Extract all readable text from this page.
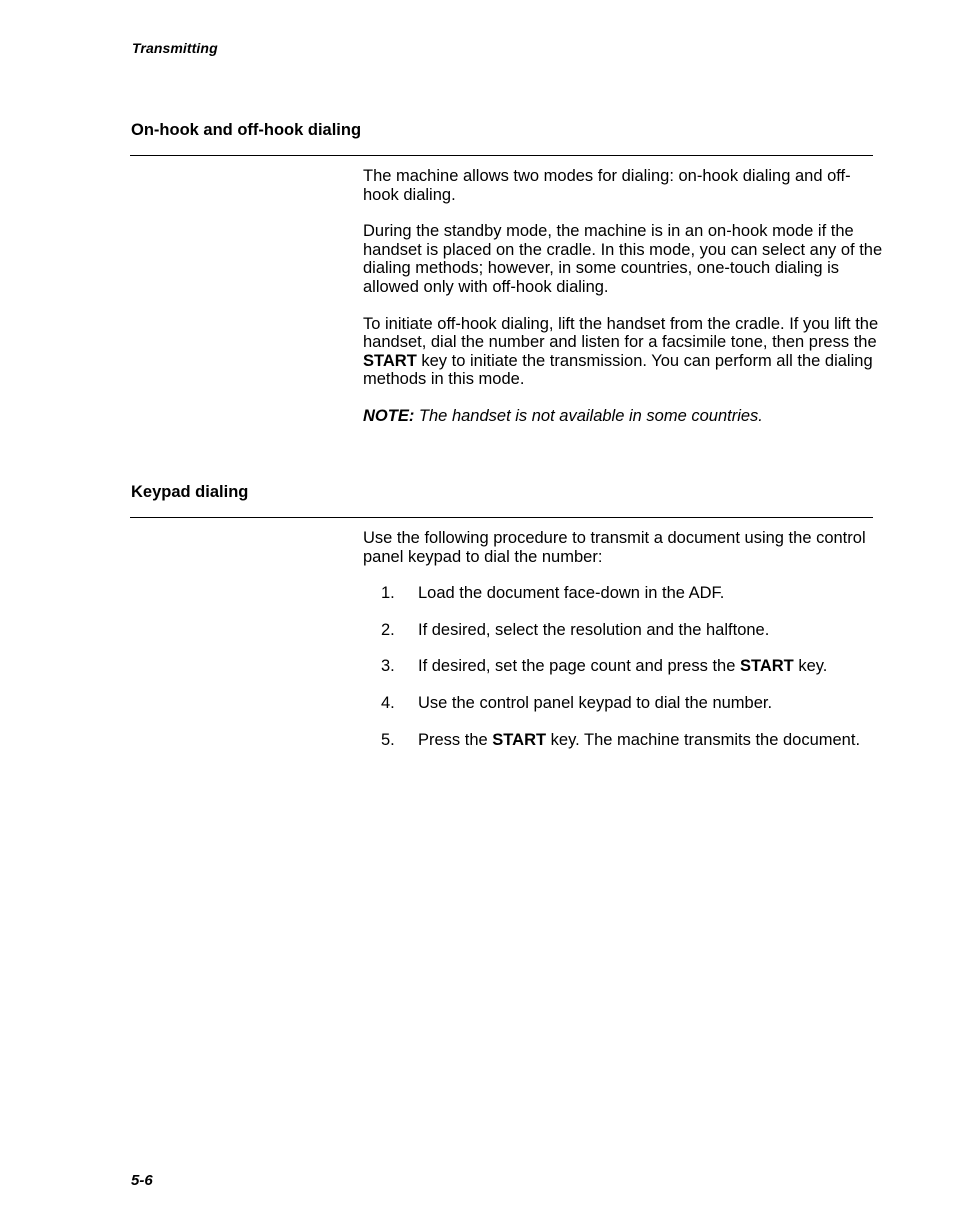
Transmitting
On-hook and off-hook dialing

The machine allows two modes for dialing: on-hook dialing and off-hook dialing.

During the standby mode, the machine is in an on-hook mode if the handset is placed on the cradle. In this mode, you can select any of the dialing methods; however, in some countries, one-touch dialing is allowed only with off-hook dialing.

To initiate off-hook dialing, lift the handset from the cradle. If you lift the handset, dial the number and listen for a facsimile tone, then press the START key to initiate the transmission. You can perform all the dialing methods in this mode.

NOTE: The handset is not available in some countries.

Keypad dialing

Use the following procedure to transmit a document using the control panel keypad to dial the number:

1. Load the document face-down in the ADF.
2. If desired, select the resolution and the halftone.
3. If desired, set the page count and press the START key.
4. Use the control panel keypad to dial the number.
5. Press the START key. The machine transmits the document.
5-6
